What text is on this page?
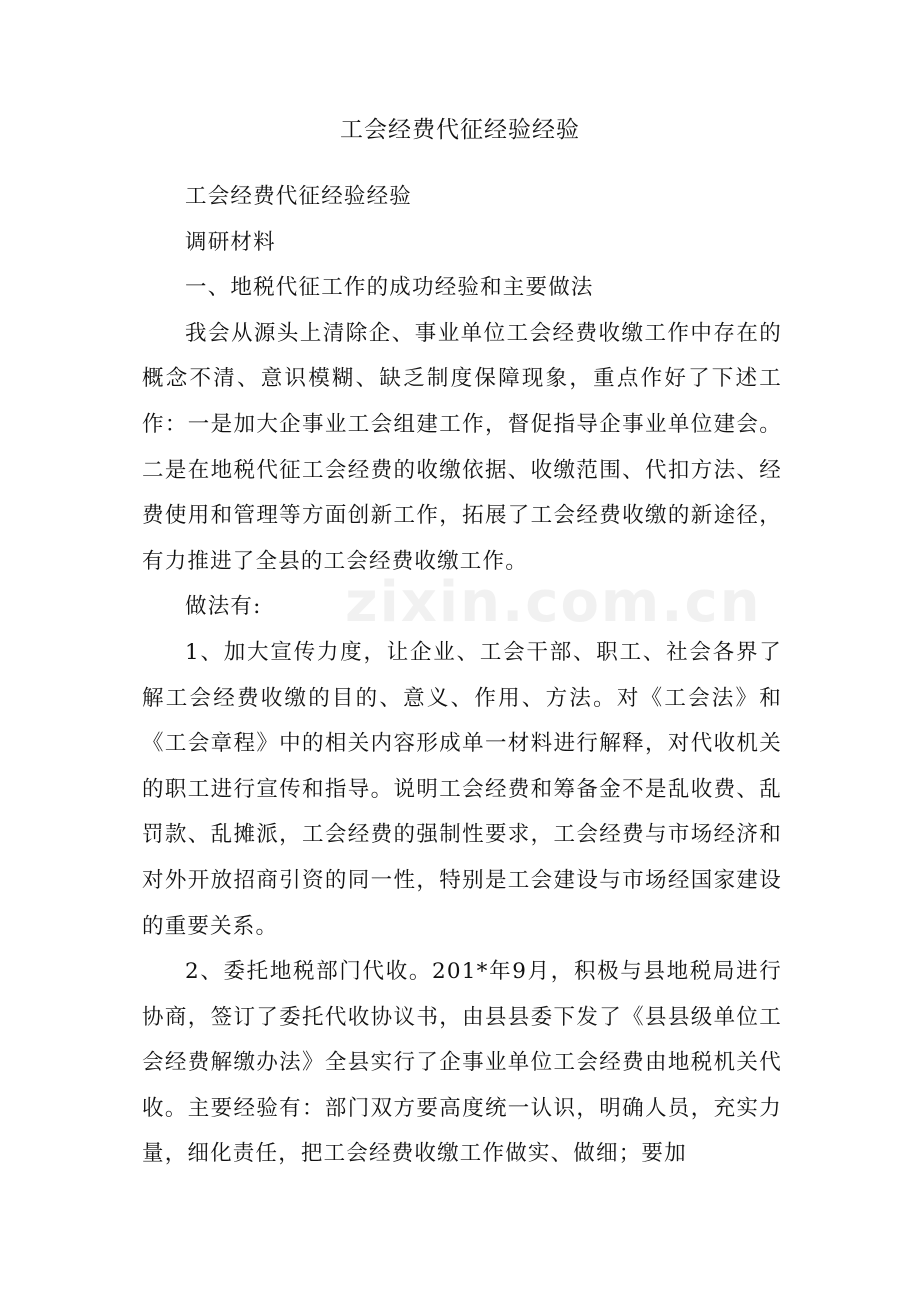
工会经费代征经验经验

工会经费代征经验经验

调研材料

一、地税代征工作的成功经验和主要做法

我会从源头上清除企、事业单位工会经费收缴工作中存在的概念不清、意识模糊、缺乏制度保障现象，重点作好了下述工作：一是加大企事业工会组建工作，督促指导企事业单位建会。二是在地税代征工会经费的收缴依据、收缴范围、代扣方法、经费使用和管理等方面创新工作，拓展了工会经费收缴的新途径，有力推进了全县的工会经费收缴工作。

做法有:

1、加大宣传力度，让企业、工会干部、职工、社会各界了解工会经费收缴的目的、意义、作用、方法。对《工会法》和《工会章程》中的相关内容形成单一材料进行解释，对代收机关的职工进行宣传和指导。说明工会经费和筹备金不是乱收费、乱罚款、乱摊派，工会经费的强制性要求，工会经费与市场经济和对外开放招商引资的同一性，特别是工会建设与市场经国家建设的重要关系。

2、委托地税部门代收。201*年9月，积极与县地税局进行协商，签订了委托代收协议书，由县县委下发了《县县级单位工会经费解缴办法》全县实行了企事业单位工会经费由地税机关代收。主要经验有：部门双方要高度统一认识，明确人员，充实力量，细化责任，把工会经费收缴工作做实、做细；要加

zixin.com.cn
